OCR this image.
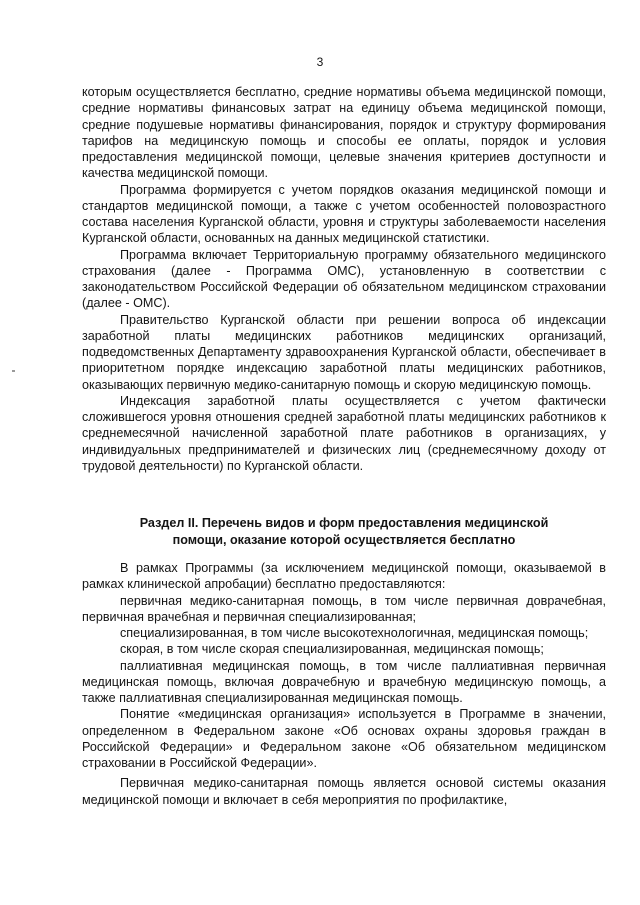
3

которым осуществляется бесплатно, средние нормативы объема медицинской помощи, средние нормативы финансовых затрат на единицу объема медицинской помощи, средние подушевые нормативы финансирования, порядок и структуру формирования тарифов на медицинскую помощь и способы ее оплаты, порядок и условия предоставления медицинской помощи, целевые значения критериев доступности и качества медицинской помощи.

Программа формируется с учетом порядков оказания медицинской помощи и стандартов медицинской помощи, а также с учетом особенностей половозрастного состава населения Курганской области, уровня и структуры заболеваемости населения Курганской области, основанных на данных медицинской статистики.

Программа включает Территориальную программу обязательного медицинского страхования (далее - Программа ОМС), установленную в соответствии с законодательством Российской Федерации об обязательном медицинском страховании (далее - ОМС).

Правительство Курганской области при решении вопроса об индексации заработной платы медицинских работников медицинских организаций, подведомственных Департаменту здравоохранения Курганской области, обеспечивает в приоритетном порядке индексацию заработной платы медицинских работников, оказывающих первичную медико-санитарную помощь и скорую медицинскую помощь.

Индексация заработной платы осуществляется с учетом фактически сложившегося уровня отношения средней заработной платы медицинских работников к среднемесячной начисленной заработной плате работников в организациях, у индивидуальных предпринимателей и физических лиц (среднемесячному доходу от трудовой деятельности) по Курганской области.

Раздел II. Перечень видов и форм предоставления медицинской
помощи, оказание которой осуществляется бесплатно

В рамках Программы (за исключением медицинской помощи, оказываемой в рамках клинической апробации) бесплатно предоставляются:

первичная медико-санитарная помощь, в том числе первичная доврачебная, первичная врачебная и первичная специализированная;

специализированная, в том числе высокотехнологичная, медицинская помощь;

скорая, в том числе скорая специализированная, медицинская помощь;

паллиативная медицинская помощь, в том числе паллиативная первичная медицинская помощь, включая доврачебную и врачебную медицинскую помощь, а также паллиативная специализированная медицинская помощь.

Понятие «медицинская организация» используется в Программе в значении, определенном в Федеральном законе «Об основах охраны здоровья граждан в Российской Федерации» и Федеральном законе «Об обязательном медицинском страховании в Российской Федерации».

Первичная медико-санитарная помощь является основой системы оказания медицинской помощи и включает в себя мероприятия по профилактике,
